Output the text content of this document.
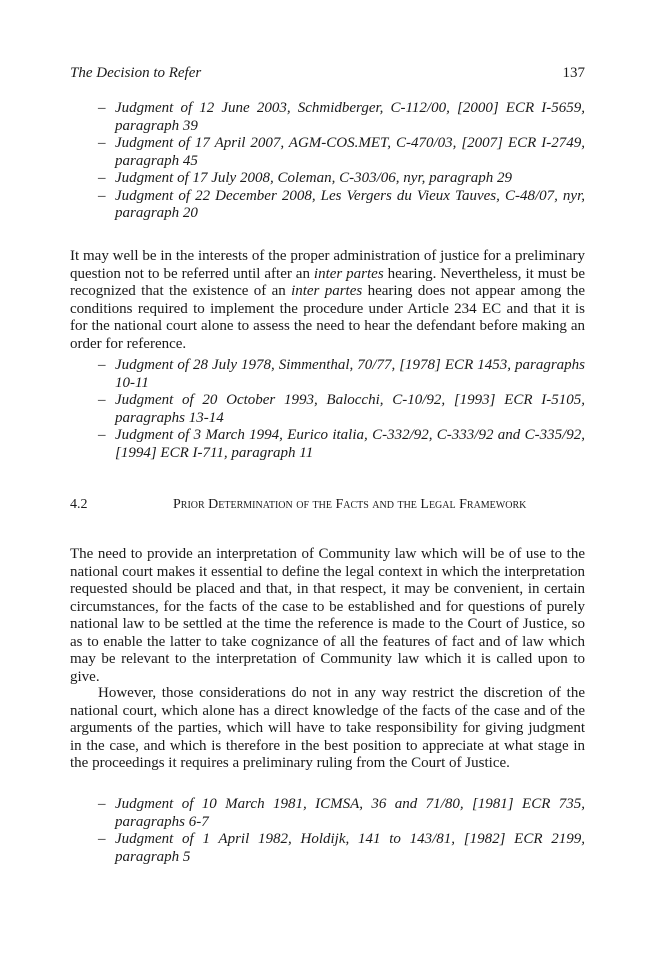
The Decision to Refer	137
– Judgment of 12 June 2003, Schmidberger, C-112/00, [2000] ECR I-5659, paragraph 39
– Judgment of 17 April 2007, AGM-COS.MET, C-470/03, [2007] ECR I-2749, paragraph 45
– Judgment of 17 July 2008, Coleman, C-303/06, nyr, paragraph 29
– Judgment of 22 December 2008, Les Vergers du Vieux Tauves, C-48/07, nyr, paragraph 20

It may well be in the interests of the proper administration of justice for a preliminary question not to be referred until after an inter partes hearing. Nevertheless, it must be recognized that the existence of an inter partes hearing does not appear among the conditions required to implement the procedure under Article 234 EC and that it is for the national court alone to assess the need to hear the defendant before making an order for reference.

– Judgment of 28 July 1978, Simmenthal, 70/77, [1978] ECR 1453, paragraphs 10-11
– Judgment of 20 October 1993, Balocchi, C-10/92, [1993] ECR I-5105, paragraphs 13-14
– Judgment of 3 March 1994, Eurico italia, C-332/92, C-333/92 and C-335/92, [1994] ECR I-711, paragraph 11
4.2	Prior Determination of the Facts and the Legal Framework

The need to provide an interpretation of Community law which will be of use to the national court makes it essential to define the legal context in which the interpretation requested should be placed and that, in that respect, it may be convenient, in certain circumstances, for the facts of the case to be established and for questions of purely national law to be settled at the time the reference is made to the Court of Justice, so as to enable the latter to take cognizance of all the features of fact and of law which may be relevant to the interpretation of Community law which it is called upon to give.

However, those considerations do not in any way restrict the discretion of the national court, which alone has a direct knowledge of the facts of the case and of the arguments of the parties, which will have to take responsibility for giving judgment in the case, and which is therefore in the best position to appreciate at what stage in the proceedings it requires a preliminary ruling from the Court of Justice.

– Judgment of 10 March 1981, ICMSA, 36 and 71/80, [1981] ECR 735, paragraphs 6-7
– Judgment of 1 April 1982, Holdijk, 141 to 143/81, [1982] ECR 2199, paragraph 5
